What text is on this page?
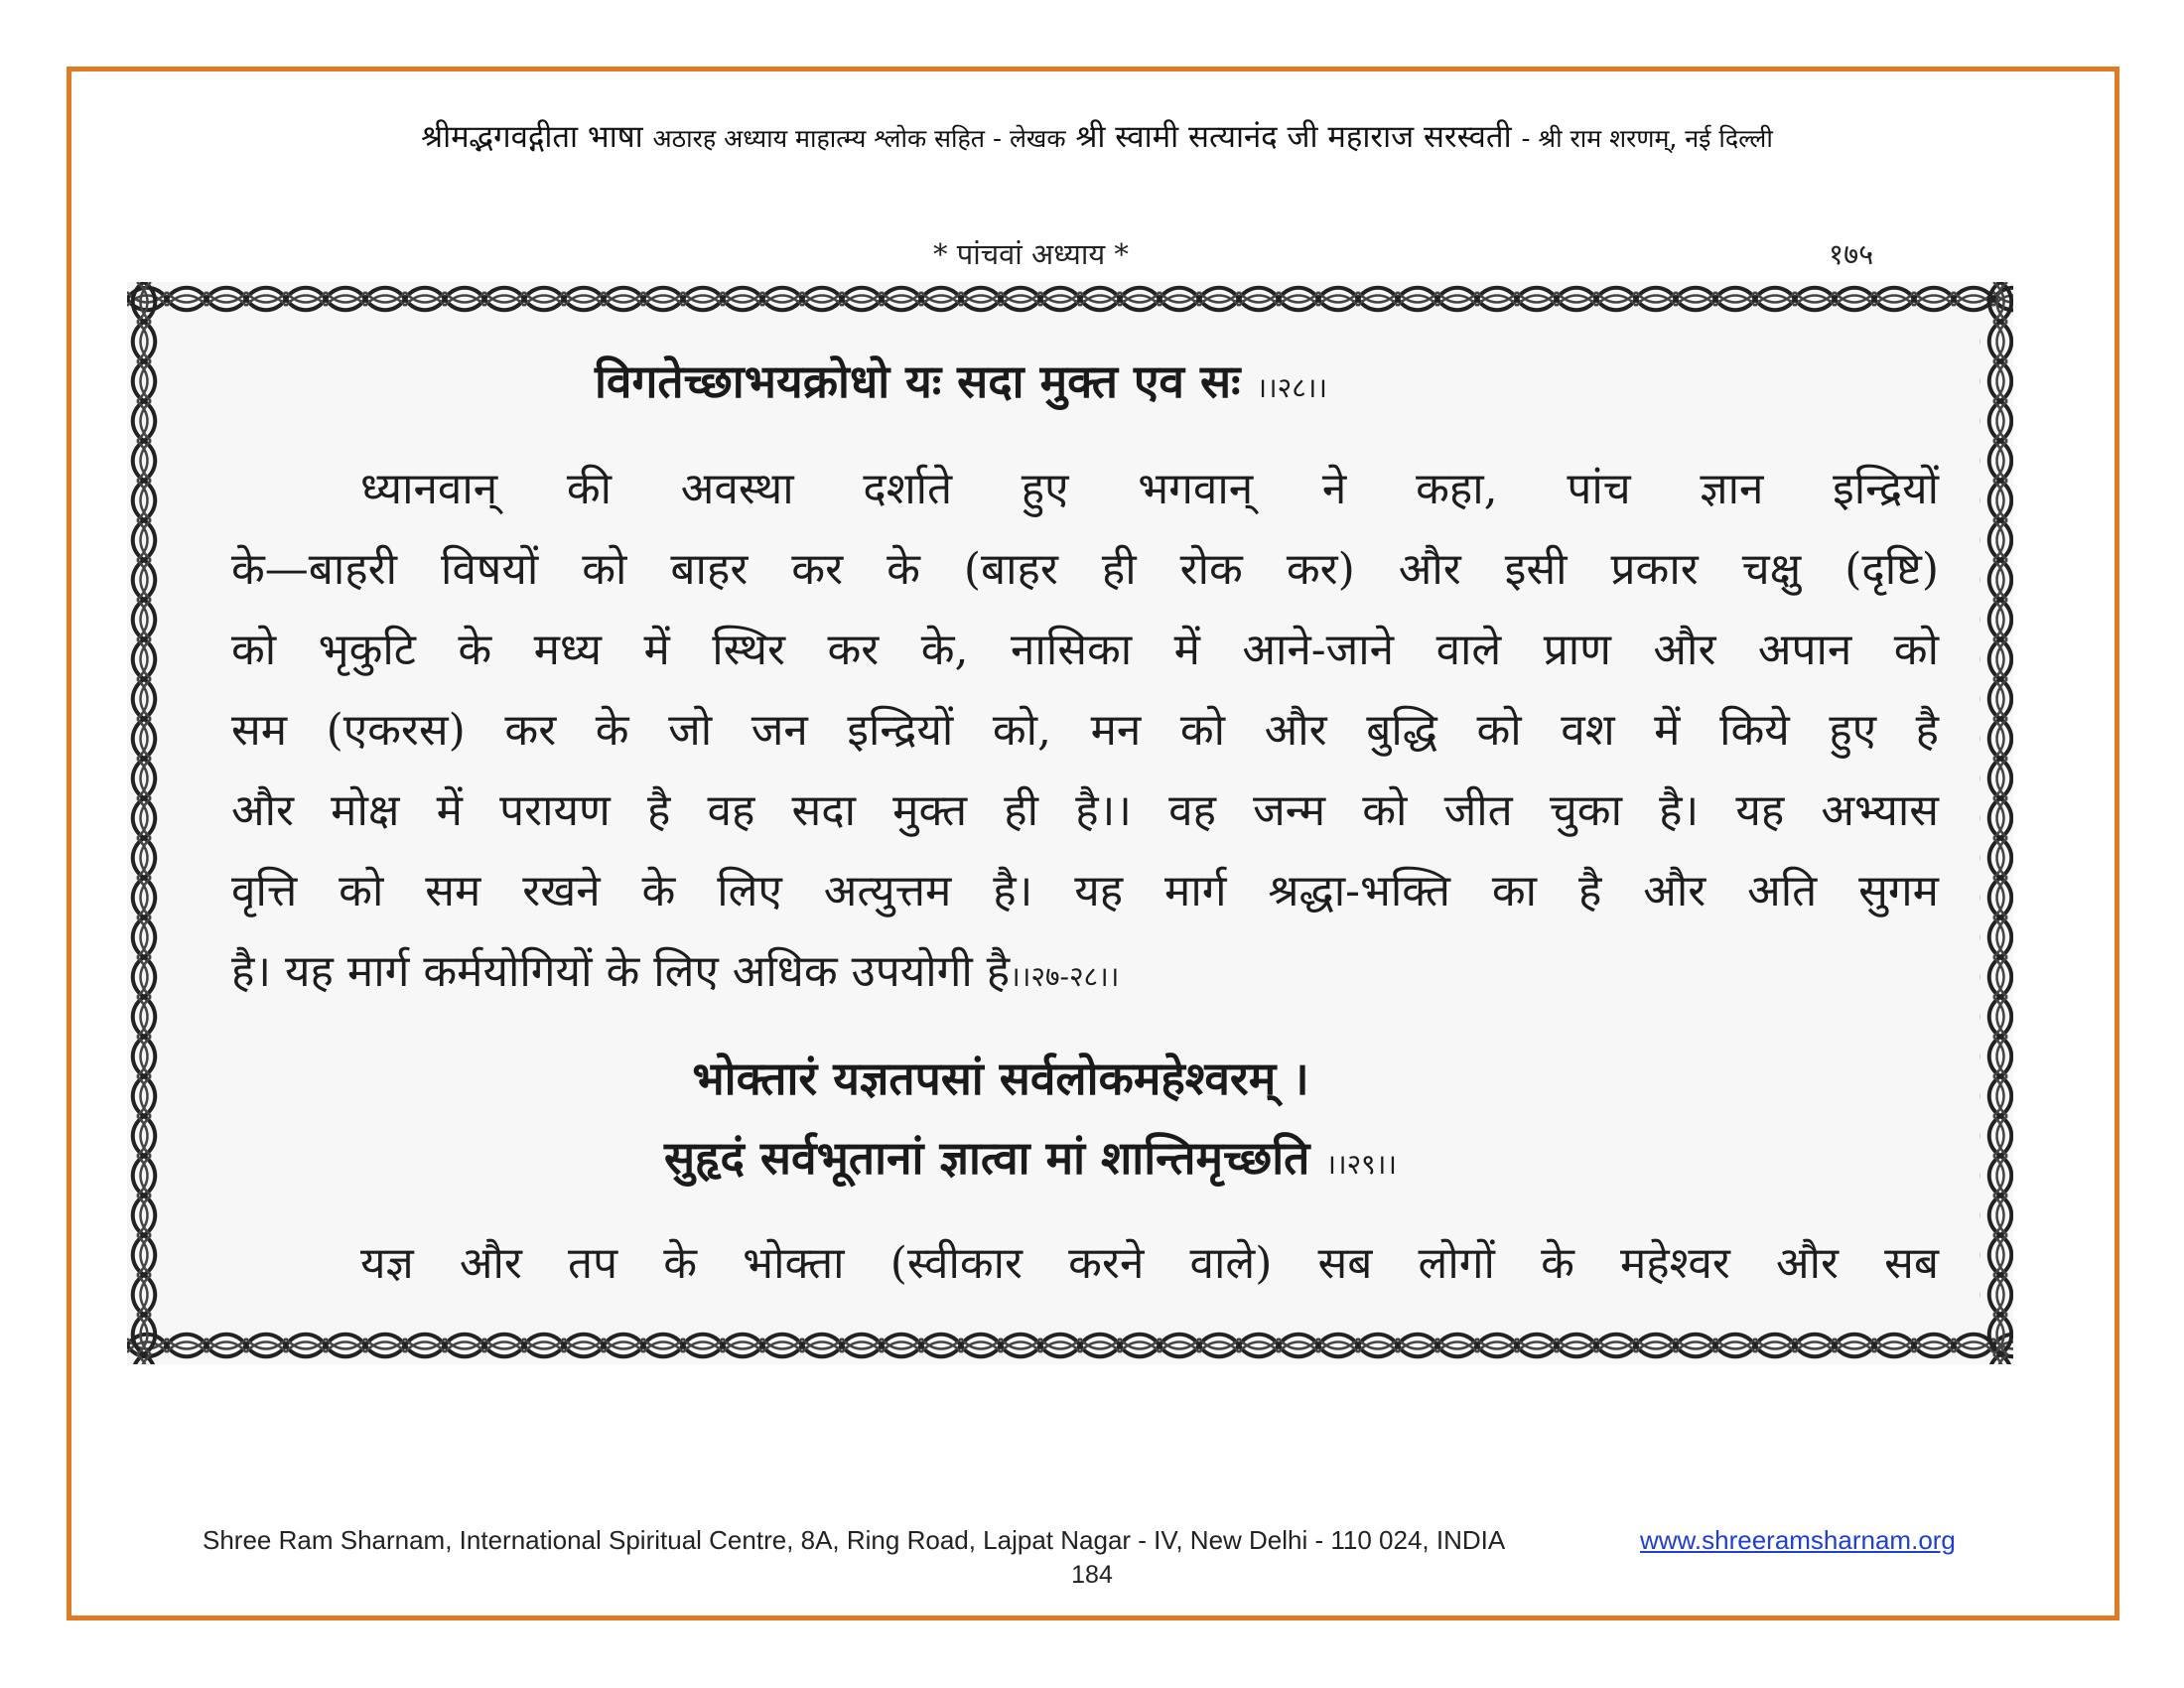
श्रीमद्भगवद्गीता भाषा अठारह अध्याय माहात्म्य श्लोक सहित - लेखक श्री स्वामी सत्यानंद जी महाराज सरस्वती - श्री राम शरणम्, नई दिल्ली
* पांचवां अध्याय *	१७५
विगतेच्छाभयक्रोधो यः सदा मुक्त एव सः ।।२८।।
ध्यानवान् की अवस्था दर्शाते हुए भगवान् ने कहा, पांच ज्ञान इन्द्रियों
के—बाहरी विषयों को बाहर कर के (बाहर ही रोक कर) और इसी प्रकार चक्षु (दृष्टि)
को भृकुटि के मध्य में स्थिर कर के, नासिका में आने-जाने वाले प्राण और अपान को
सम (एकरस) कर के जो जन इन्द्रियों को, मन को और बुद्धि को वश में किये हुए है
और मोक्ष में परायण है वह सदा मुक्त ही है।। वह जन्म को जीत चुका है। यह अभ्यास
वृत्ति को सम रखने के लिए अत्युत्तम है। यह मार्ग श्रद्धा-भक्ति का है और अति सुगम
है। यह मार्ग कर्मयोगियों के लिए अधिक उपयोगी है।।२७-२८।।
भोक्तारं यज्ञतपसां सर्वलोकमहेश्वरम् ।
सुहृदं सर्वभूतानां ज्ञात्वा मां शान्तिमृच्छति ।।२९।।
यज्ञ और तप के भोक्ता (स्वीकार करने वाले) सब लोगों के महेश्वर और सब
Shree Ram Sharnam, International Spiritual Centre, 8A, Ring Road, Lajpat Nagar - IV, New Delhi - 110 024, INDIA	www.shreeramsharnam.org
184
